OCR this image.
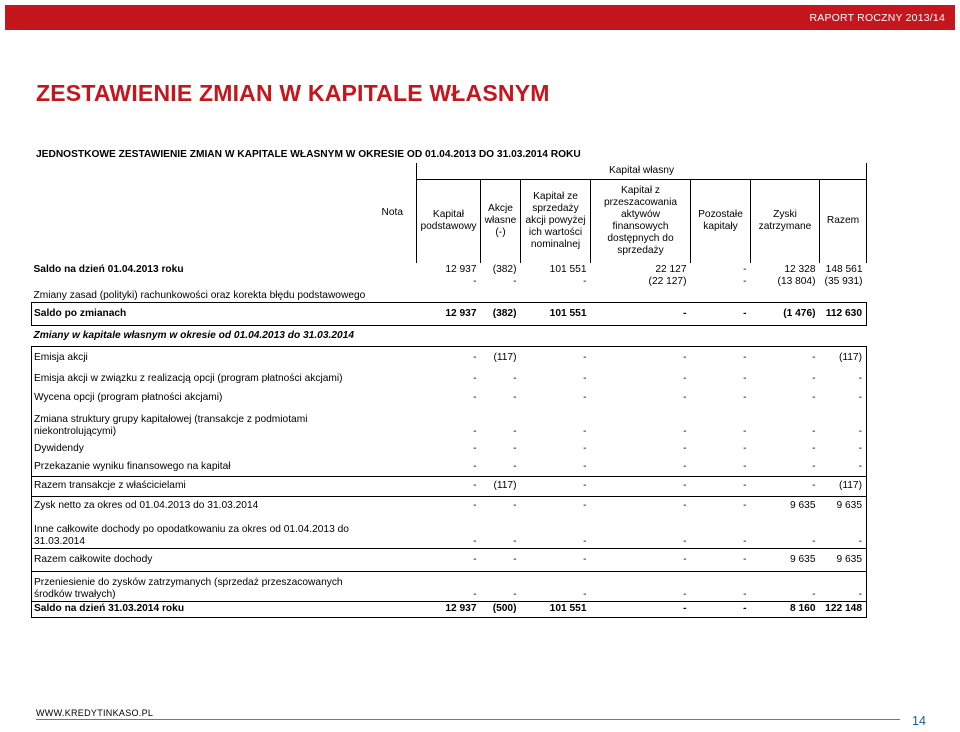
RAPORT ROCZNY 2013/14
ZESTAWIENIE ZMIAN W KAPITALE WŁASNYM
JEDNOSTKOWE ZESTAWIENIE ZMIAN W KAPITALE WŁASNYM W OKRESIE OD 01.04.2013 DO 31.03.2014 ROKU
	Nota	Kapitał własny						
		Kapitał podstawowy	Akcje własne (-)	Kapitał ze sprzedaży akcji powyżej ich wartości nominalnej	Kapitał z przeszacowania aktywów finansowych dostępnych do sprzedaży	Pozostałe kapitały	Zyski zatrzymane	Razem
Saldo na dzień 01.04.2013 roku		12 937	(382)	101 551	22 127	-	12 328	148 561
Zmiany zasad (polityki) rachunkowości oraz korekta błędu podstawowego		-	-	-	(22 127)	-	(13 804)	(35 931)
Saldo po zmianach		12 937	(382)	101 551	-	-	(1 476)	112 630
Zmiany w kapitale własnym w okresie od 01.04.2013 do 31.03.2014								
Emisja akcji		-	(117)	-	-	-	-	(117)
Emisja akcji w związku z realizacją opcji (program płatności akcjami)		-	-	-	-	-	-	-
Wycena opcji (program płatności akcjami)		-	-	-	-	-	-	-
Zmiana struktury grupy kapitałowej (transakcje z podmiotami niekontrolującymi)		-	-	-	-	-	-	-
Dywidendy		-	-	-	-	-	-	-
Przekazanie wyniku finansowego na kapitał		-	-	-	-	-	-	-
Razem transakcje z właścicielami		-	(117)	-	-	-	-	(117)
Zysk netto za okres od 01.04.2013 do 31.03.2014		-	-	-	-	-	9 635	9 635
Inne całkowite dochody po opodatkowaniu za okres od 01.04.2013 do 31.03.2014		-	-	-	-	-	-	-
Razem całkowite dochody		-	-	-	-	-	9 635	9 635
Przeniesienie do zysków zatrzymanych (sprzedaż przeszacowanych środków trwałych)		-	-	-	-	-	-	-
Saldo na dzień 31.03.2014 roku		12 937	(500)	101 551	-	-	8 160	122 148
WWW.KREDYTINKASO.PL
14
